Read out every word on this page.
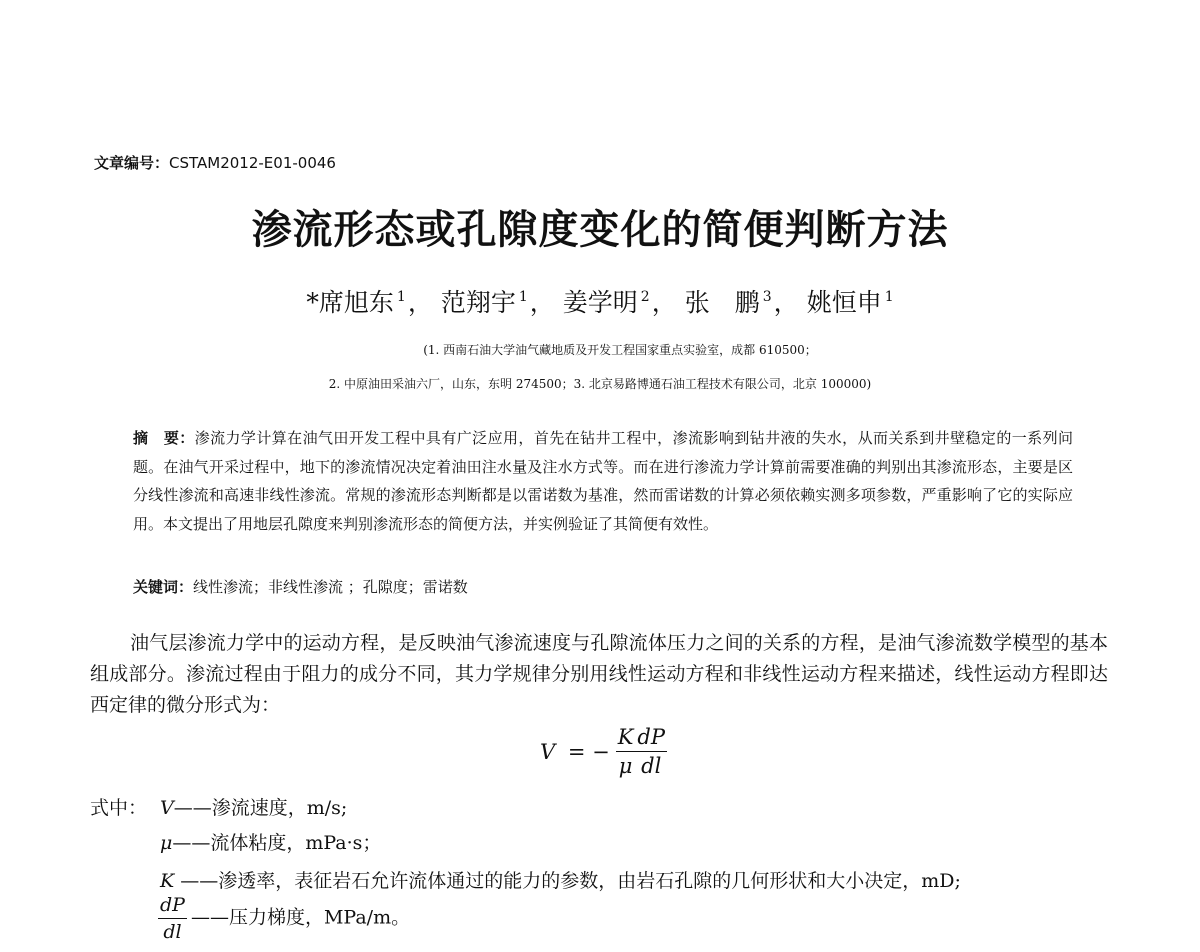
文章编号：CSTAM2012-E01-0046
渗流形态或孔隙度变化的简便判断方法
*席旭东 $^1$， 范翔宇 $^1$， 姜学明 $^2$， 张　鹏 $^3$， 姚恒申 $^1$
(1. 西南石油大学油气藏地质及开发工程国家重点实验室，成都 610500；
2. 中原油田采油六厂，山东，东明 274500；3. 北京易路博通石油工程技术有限公司，北京 100000)
摘　要：渗流力学计算在油气田开发工程中具有广泛应用，首先在钻井工程中，渗流影响到钻井液的失水，从而关系到井壁稳定的一系列问题。在油气开采过程中，地下的渗流情况决定着油田注水量及注水方式等。而在进行渗流力学计算前需要准确的判别出其渗流形态，主要是区分线性渗流和高速非线性渗流。常规的渗流形态判断都是以雷诺数为基准，然而雷诺数的计算必须依赖实测多项参数，严重影响了它的实际应用。本文提出了用地层孔隙度来判别渗流形态的简便方法，并实例验证了其简便有效性。
关键词：线性渗流；非线性渗流 ；孔隙度；雷诺数
油气层渗流力学中的运动方程，是反映油气渗流速度与孔隙流体压力之间的关系的方程，是油气渗流数学模型的基本组成部分。渗流过程由于阻力的成分不同，其力学规律分别用线性运动方程和非线性运动方程来描述，线性运动方程即达西定律的微分形式为：
V = − $\frac{K}{\mu} \frac{dP}{dl}$
式中： V——渗流速度，m/s;
μ——流体粘度，mPa·s；
K ——渗透率，表征岩石允许流体通过的能力的参数，由岩石孔隙的几何形状和大小决定，mD;
$\frac{dP}{dl}$ ——压力梯度，MPa/m。
